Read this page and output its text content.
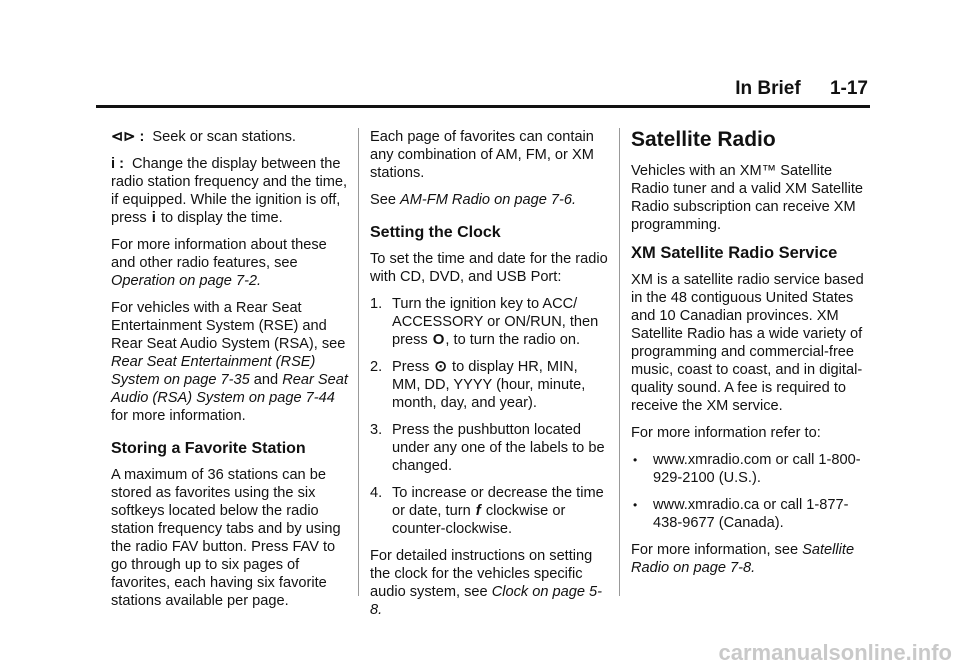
In Brief 1-17

⊲⊳ : Seek or scan stations.

i : Change the display between the radio station frequency and the time, if equipped. While the ignition is off, press i to display the time.

For more information about these and other radio features, see Operation on page 7-2.

For vehicles with a Rear Seat Entertainment System (RSE) and Rear Seat Audio System (RSA), see Rear Seat Entertainment (RSE) System on page 7-35 and Rear Seat Audio (RSA) System on page 7-44 for more information.

Storing a Favorite Station

A maximum of 36 stations can be stored as favorites using the six softkeys located below the radio station frequency tabs and by using the radio FAV button. Press FAV to go through up to six pages of favorites, each having six favorite stations available per page.

Each page of favorites can contain any combination of AM, FM, or XM stations.

See AM-FM Radio on page 7-6.

Setting the Clock

To set the time and date for the radio with CD, DVD, and USB Port:

1. Turn the ignition key to ACC/ ACCESSORY or ON/RUN, then press O, to turn the radio on.
2. Press ⊙ to display HR, MIN, MM, DD, YYYY (hour, minute, month, day, and year).
3. Press the pushbutton located under any one of the labels to be changed.
4. To increase or decrease the time or date, turn f clockwise or counter-clockwise.

For detailed instructions on setting the clock for the vehicles specific audio system, see Clock on page 5-8.

Satellite Radio

Vehicles with an XM™ Satellite Radio tuner and a valid XM Satellite Radio subscription can receive XM programming.

XM Satellite Radio Service

XM is a satellite radio service based in the 48 contiguous United States and 10 Canadian provinces. XM Satellite Radio has a wide variety of programming and commercial-free music, coast to coast, and in digital-quality sound. A fee is required to receive the XM service.

For more information refer to:

• www.xmradio.com or call 1-800-929-2100 (U.S.).
• www.xmradio.ca or call 1-877-438-9677 (Canada).

For more information, see Satellite Radio on page 7-8.

carmanualsonline.info
